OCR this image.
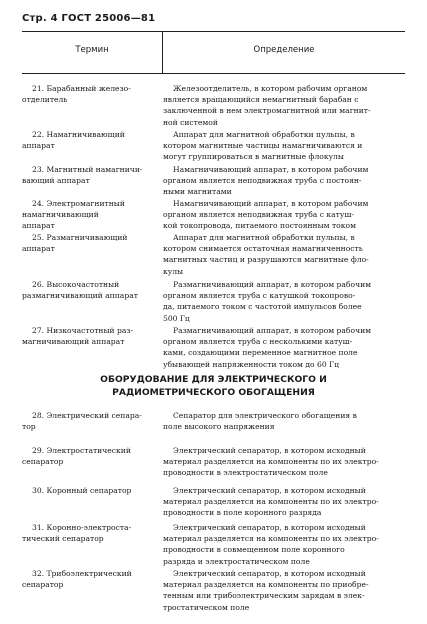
Стр. 4 ГОСТ 25006—81
Термин	Определение
21. Барабанный железо-
отделитель
Железоотделитель, в котором рабочим органом
является вращающийся немагнитный барабан с
заключенной в нем электромагнитной или магнит-
ной системой
22. Намагничивающий
аппарат
Аппарат для магнитной обработки пульпы, в
котором магнитные частицы намагничиваются и
могут группироваться в магнитные флокулы
23. Магнитный намагничи-
вающий аппарат
Намагничивающий аппарат, в котором рабочим
органом является неподвижная труба с постоян-
ными магнитами
24. Электромагнитный
намагничивающий
аппарат
Намагничивающий аппарат, в котором рабочим
органом является неподвижная труба с катуш-
кой токопровода, питаемого постоянным током
25. Размагничивающий
аппарат
Аппарат для магнитной обработки пульпы, в
котором снимается остаточная намагниченность
магнитных частиц и разрушаются магнитные фло-
кулы
26. Высокочастотный
размагничивающий аппарат
Размагничивающий аппарат, в котором рабочим
органом является труба с катушкой токопрово-
да, питаемого током с частотой импульсов более
500 Гц
27. Низкочастотный раз-
магничивающий аппарат
Размагничивающий аппарат, в котором рабочим
органом является труба с несколькими катуш-
ками, создающими переменное магнитное поле
убывающей напряженности током до 60 Гц
ОБОРУДОВАНИЕ ДЛЯ ЭЛЕКТРИЧЕСКОГО И
РАДИОМЕТРИЧЕСКОГО ОБОГАЩЕНИЯ
28. Электрический сепара-
тор
Сепаратор для электрического обогащения в
поле высокого напряжения
29. Электростатический
сепаратор
Электрический сепаратор, в котором исходный
материал разделяется на компоненты по их электро-
проводности в электростатическом поле
30. Коронный сепаратор	Электрический сепаратор, в котором исходный
материал разделяется на компоненты по их электро-
проводности в поле коронного разряда
31. Коронно-электроста-
тический сепаратор
Электрический сепаратор, в котором исходный
материал разделяется на компоненты по их электро-
проводности в совмещенном поле коронного
разряда и электростатическом поле
32. Трибоэлектрический
сепаратор
Электрический сепаратор, в котором исходный
материал разделяется на компоненты по приобре-
тенным или трибоэлектрическим зарядам в элек-
тростатическом поле
